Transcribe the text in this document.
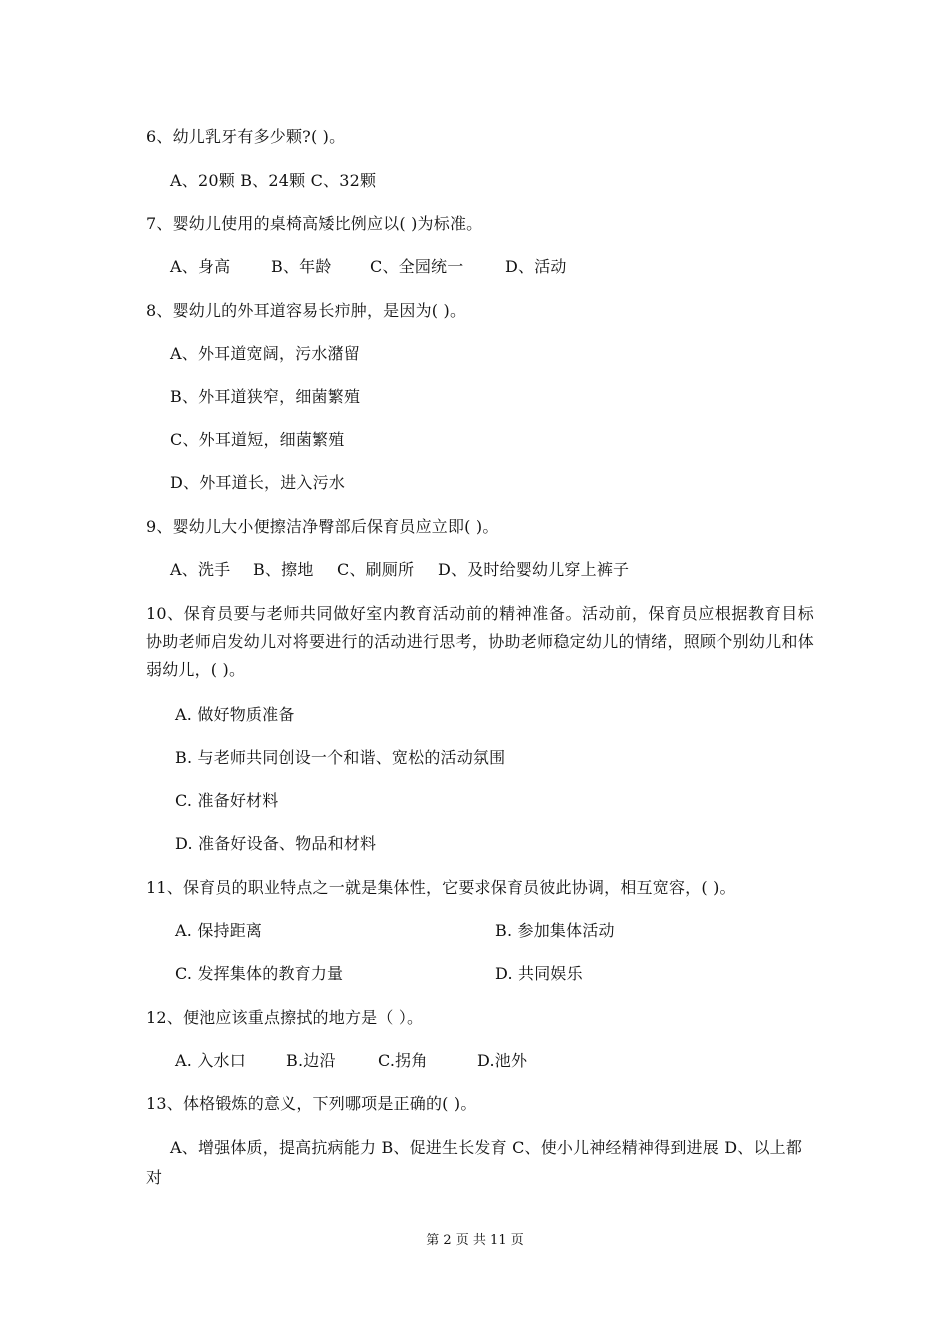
6、幼儿乳牙有多少颗?( )。
A、20颗 B、24颗 C、32颗
7、婴幼儿使用的桌椅高矮比例应以( )为标准。
A、身高	B、年龄 C、全园统一	D、活动
8、婴幼儿的外耳道容易长疖肿，是因为( )。
A、外耳道宽阔，污水潴留
B、外耳道狭窄，细菌繁殖
C、外耳道短，细菌繁殖
D、外耳道长，进入污水
9、婴幼儿大小便擦洁净臀部后保育员应立即( )。
A、洗手 B、擦地 C、刷厕所 D、及时给婴幼儿穿上裤子
10、保育员要与老师共同做好室内教育活动前的精神准备。活动前，保育员应根据教育目标协助老师启发幼儿对将要进行的活动进行思考，协助老师稳定幼儿的情绪，照顾个别幼儿和体弱幼儿，( )。
A. 做好物质准备
B. 与老师共同创设一个和谐、宽松的活动氛围
C. 准备好材料
D. 准备好设备、物品和材料
11、保育员的职业特点之一就是集体性，它要求保育员彼此协调，相互宽容，( )。
A. 保持距离	B. 参加集体活动
C. 发挥集体的教育力量	D. 共同娱乐
12、便池应该重点擦拭的地方是（ ）。
A. 入水口	B.边沿	C.拐角	D.池外
13、体格锻炼的意义，下列哪项是正确的( )。
A、增强体质，提高抗病能力 B、促进生长发育 C、使小儿神经精神得到进展 D、以上都对
第 2 页 共 11 页
